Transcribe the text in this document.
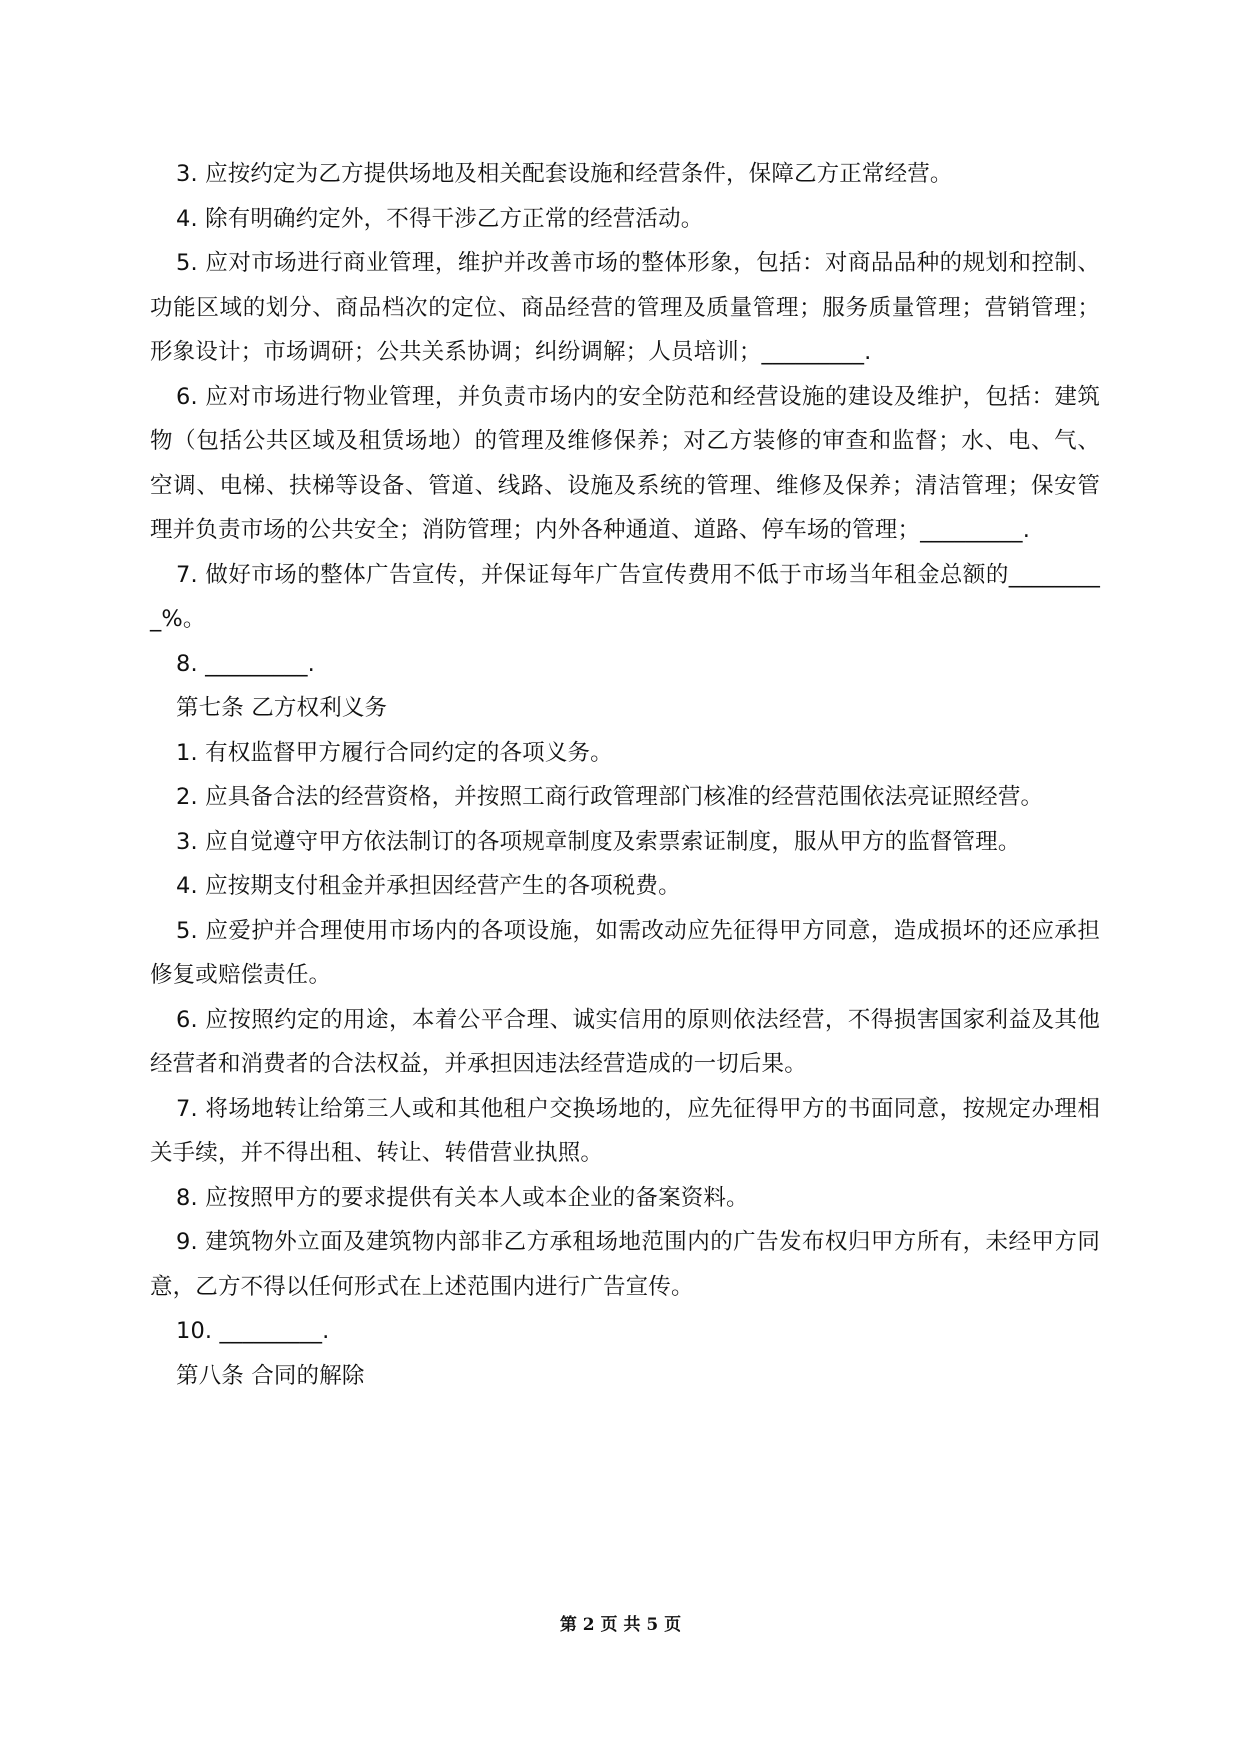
3. 应按约定为乙方提供场地及相关配套设施和经营条件，保障乙方正常经营。

4. 除有明确约定外，不得干涉乙方正常的经营活动。

5. 应对市场进行商业管理，维护并改善市场的整体形象，包括：对商品品种的规划和控制、功能区域的划分、商品档次的定位、商品经营的管理及质量管理；服务质量管理；营销管理；形象设计；市场调研；公共关系协调；纠纷调解；人员培训；_________.

6. 应对市场进行物业管理，并负责市场内的安全防范和经营设施的建设及维护，包括：建筑物（包括公共区域及租赁场地）的管理及维修保养；对乙方装修的审查和监督；水、电、气、空调、电梯、扶梯等设备、管道、线路、设施及系统的管理、维修及保养；清洁管理；保安管理并负责市场的公共安全；消防管理；内外各种通道、道路、停车场的管理；_________.

7. 做好市场的整体广告宣传，并保证每年广告宣传费用不低于市场当年租金总额的_________%。

8. _________.

第七条 乙方权利义务

1. 有权监督甲方履行合同约定的各项义务。

2. 应具备合法的经营资格，并按照工商行政管理部门核准的经营范围依法亮证照经营。

3. 应自觉遵守甲方依法制订的各项规章制度及索票索证制度，服从甲方的监督管理。

4. 应按期支付租金并承担因经营产生的各项税费。

5. 应爱护并合理使用市场内的各项设施，如需改动应先征得甲方同意，造成损坏的还应承担修复或赔偿责任。

6. 应按照约定的用途，本着公平合理、诚实信用的原则依法经营，不得损害国家利益及其他经营者和消费者的合法权益，并承担因违法经营造成的一切后果。

7. 将场地转让给第三人或和其他租户交换场地的，应先征得甲方的书面同意，按规定办理相关手续，并不得出租、转让、转借营业执照。

8. 应按照甲方的要求提供有关本人或本企业的备案资料。

9. 建筑物外立面及建筑物内部非乙方承租场地范围内的广告发布权归甲方所有，未经甲方同意，乙方不得以任何形式在上述范围内进行广告宣传。

10. _________.

第八条 合同的解除

第 2 页 共 5 页
